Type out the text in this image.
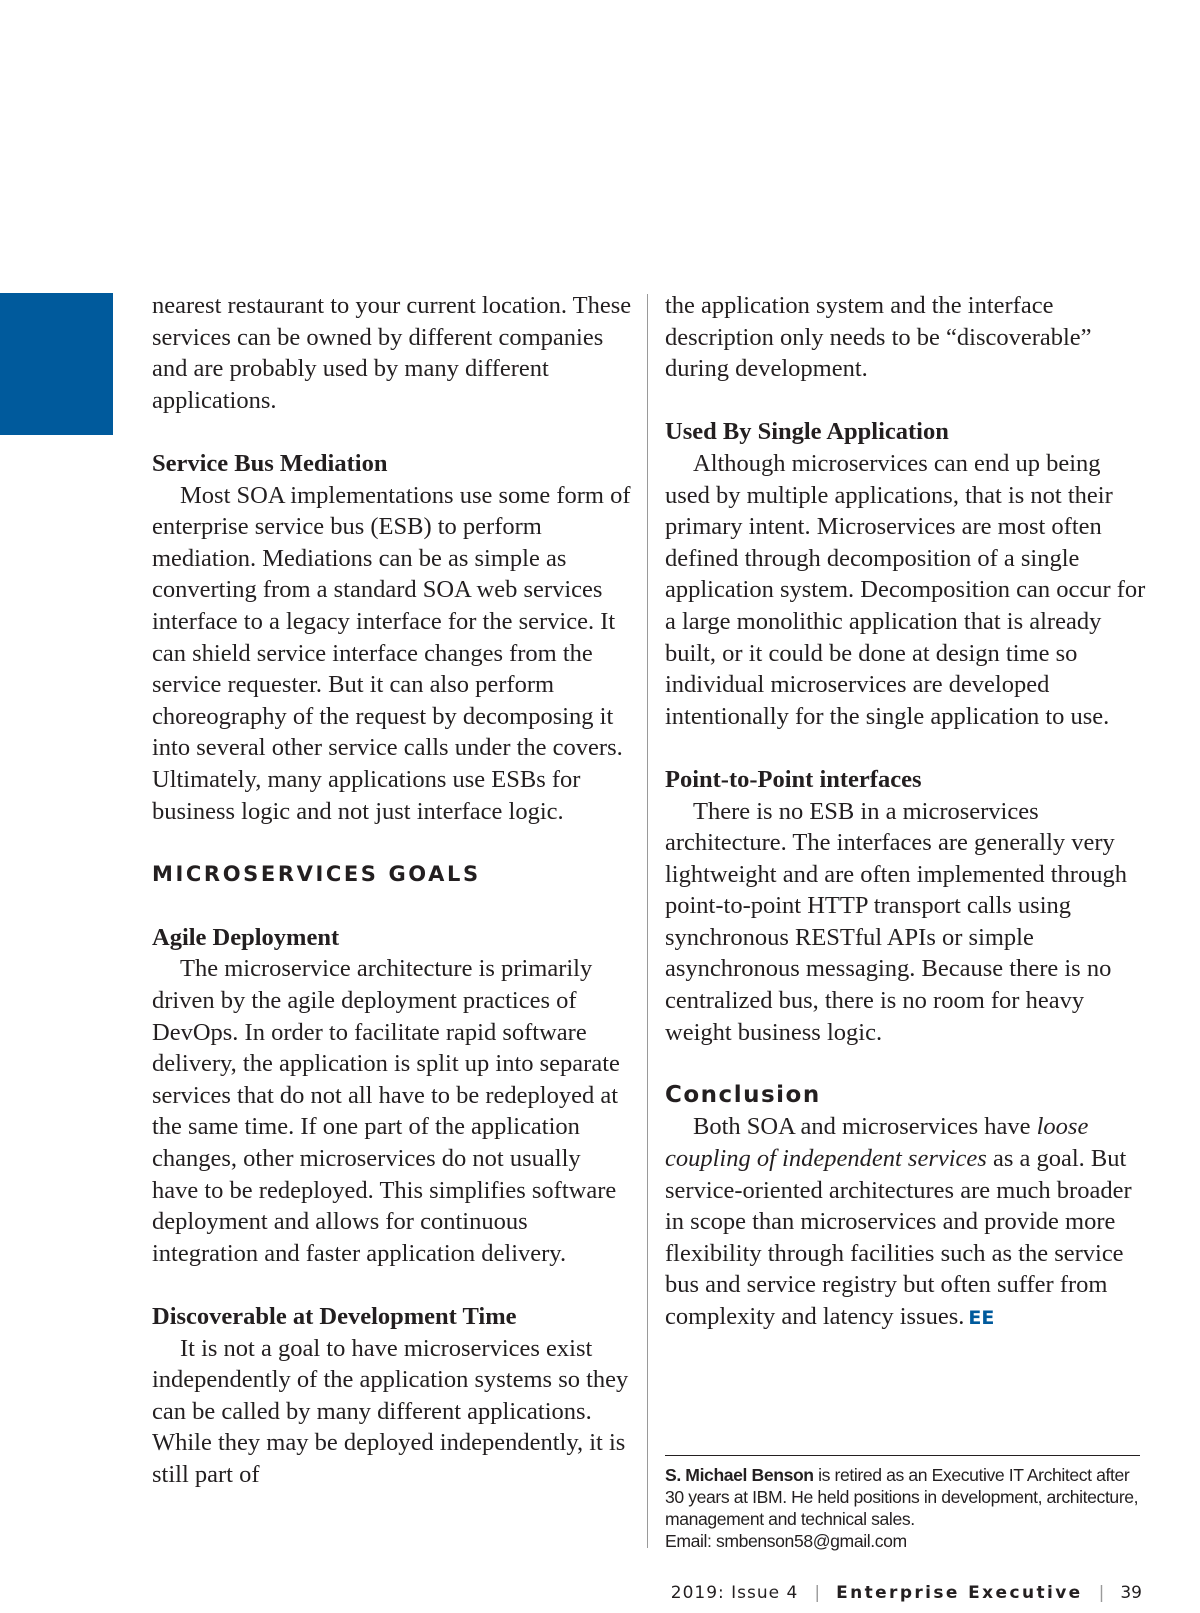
nearest restaurant to your current location. These services can be owned by different companies and are probably used by many different applications.

Service Bus Mediation

Most SOA implementations use some form of enterprise service bus (ESB) to perform mediation. Mediations can be as simple as converting from a standard SOA web services interface to a legacy interface for the service. It can shield service interface changes from the service requester. But it can also perform choreography of the request by decomposing it into several other service calls under the covers. Ultimately, many applications use ESBs for business logic and not just interface logic.

MICROSERVICES GOALS
Agile Deployment

The microservice architecture is primarily driven by the agile deployment practices of DevOps. In order to facilitate rapid software delivery, the application is split up into separate services that do not all have to be redeployed at the same time. If one part of the application changes, other microservices do not usually have to be redeployed. This simplifies software deployment and allows for continuous integration and faster application delivery.

Discoverable at Development Time

It is not a goal to have microservices exist independently of the application systems so they can be called by many different applications. While they may be deployed independently, it is still part of

the application system and the interface description only needs to be “discoverable” during development.

Used By Single Application

Although microservices can end up being used by multiple applications, that is not their primary intent. Microservices are most often defined through decomposition of a single application system. Decomposition can occur for a large monolithic application that is already built, or it could be done at design time so individual microservices are developed intentionally for the single application to use.

Point-to-Point interfaces

There is no ESB in a microservices architecture. The interfaces are generally very lightweight and are often implemented through point-to-point HTTP transport calls using synchronous RESTful APIs or simple asynchronous messaging. Because there is no centralized bus, there is no room for heavy weight business logic.

Conclusion

Both SOA and microservices have loose coupling of independent services as a goal. But service-oriented architectures are much broader in scope than microservices and provide more flexibility through facilities such as the service bus and service registry but often suffer from complexity and latency issues. EE

S. Michael Benson is retired as an Executive IT Architect after 30 years at IBM. He held positions in development, architecture, management and technical sales.

Email: smbenson58@gmail.com

2019: Issue 4 | Enterprise Executive | 39
